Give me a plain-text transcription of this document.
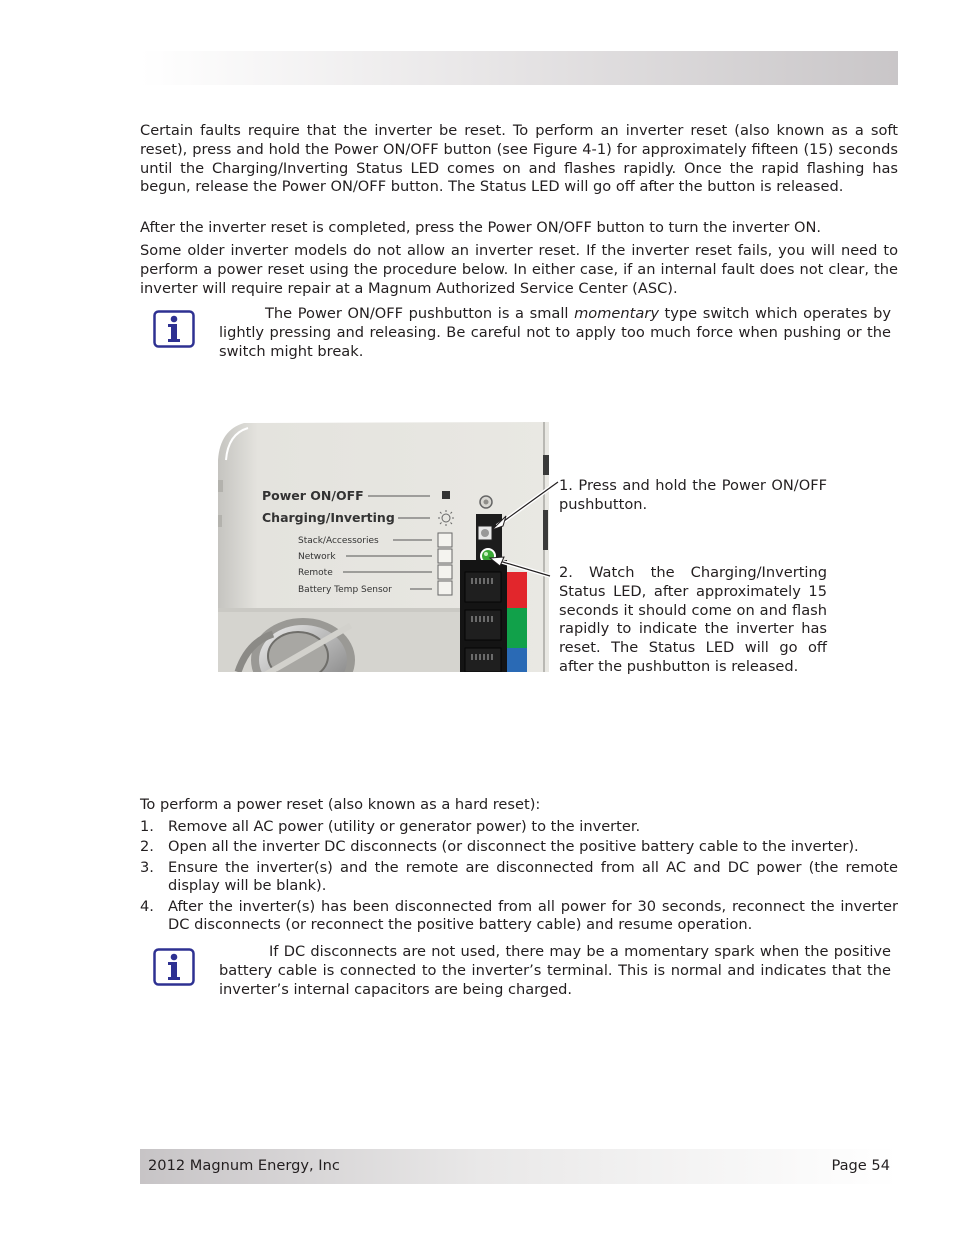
Certain faults require that the inverter be reset. To perform an inverter reset (also known as a soft reset), press and hold the Power ON/OFF button (see Figure 4-1) for approximately fifteen (15) seconds until the Charging/Inverting Status LED comes on and flashes rapidly. Once the rapid flashing has begun, release the Power ON/OFF button. The Status LED will go off after the button is released.

After the inverter reset is completed, press the Power ON/OFF button to turn the inverter ON.

Some older inverter models do not allow an inverter reset. If the inverter reset fails, you will need to perform a power reset using the procedure below. In either case, if an internal fault does not clear, the inverter will require repair at a Magnum Authorized Service Center (ASC).

The Power ON/OFF pushbutton is a small momentary type switch which operates by lightly pressing and releasing. Be careful not to apply too much force when pushing or the switch might break.

Power ON/OFF
Charging/Inverting
Stack/Accessories
Network
Remote
Battery Temp Sensor

1. Press and hold the Power ON/OFF pushbutton.

2. Watch the Charging/Inverting Status LED, after approximately 15 seconds it should come on and flash rapidly to indicate the inverter has reset. The Status LED will go off after the pushbutton is released.

To perform a power reset (also known as a hard reset):

1. Remove all AC power (utility or generator power) to the inverter.
2. Open all the inverter DC disconnects (or disconnect the positive battery cable to the inverter).
3. Ensure the inverter(s) and the remote are disconnected from all AC and DC power (the remote display will be blank).
4. After the inverter(s) has been disconnected from all power for 30 seconds, reconnect the inverter DC disconnects (or reconnect the positive battery cable) and resume operation.

If DC disconnects are not used, there may be a momentary spark when the positive battery cable is connected to the inverter’s terminal. This is normal and indicates that the inverter’s internal capacitors are being charged.

2012 Magnum Energy, Inc	Page 54
